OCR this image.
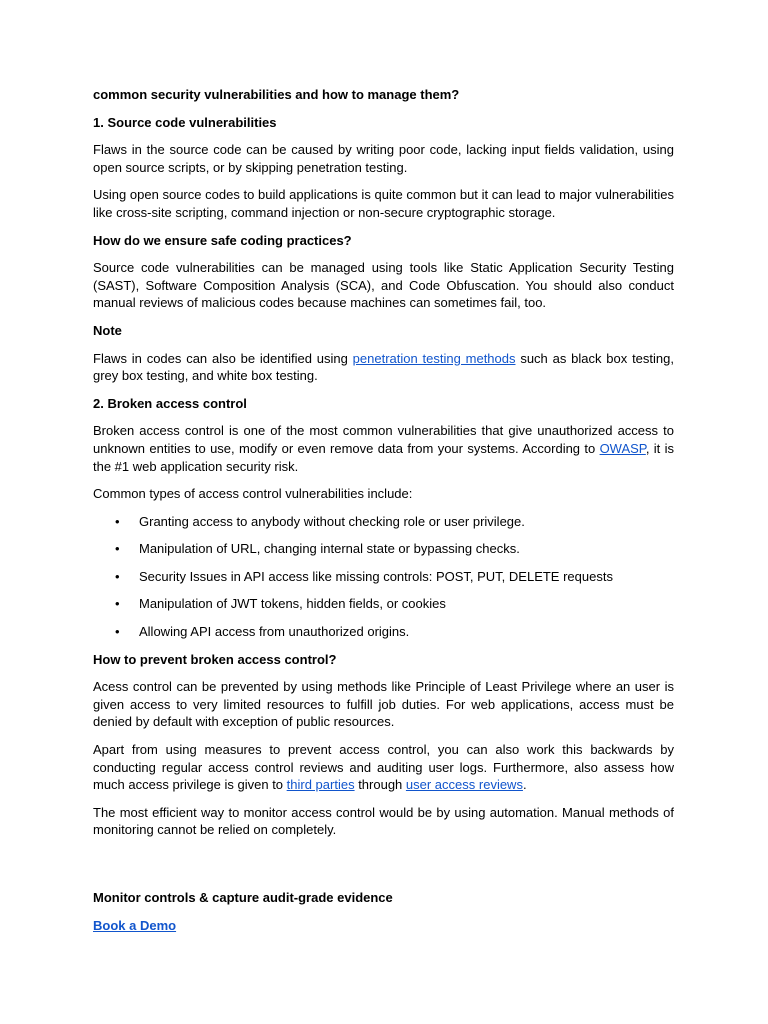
common security vulnerabilities and how to manage them?

1. Source code vulnerabilities

Flaws in the source code can be caused by writing poor code, lacking input fields validation, using open source scripts, or by skipping penetration testing.

Using open source codes to build applications is quite common but it can lead to major vulnerabilities like cross-site scripting, command injection or non-secure cryptographic storage.

How do we ensure safe coding practices?

Source code vulnerabilities can be managed using tools like Static Application Security Testing (SAST), Software Composition Analysis (SCA), and Code Obfuscation. You should also conduct manual reviews of malicious codes because machines can sometimes fail, too.

Note

Flaws in codes can also be identified using penetration testing methods such as black box testing, grey box testing, and white box testing.

2. Broken access control

Broken access control is one of the most common vulnerabilities that give unauthorized access to unknown entities to use, modify or even remove data from your systems. According to OWASP, it is the #1 web application security risk.

Common types of access control vulnerabilities include:

• Granting access to anybody without checking role or user privilege.
• Manipulation of URL, changing internal state or bypassing checks.
• Security Issues in API access like missing controls: POST, PUT, DELETE requests
• Manipulation of JWT tokens, hidden fields, or cookies
• Allowing API access from unauthorized origins.

How to prevent broken access control?

Acess control can be prevented by using methods like Principle of Least Privilege where an user is given access to very limited resources to fulfill job duties. For web applications, access must be denied by default with exception of public resources.

Apart from using measures to prevent access control, you can also work this backwards by conducting regular access control reviews and auditing user logs. Furthermore, also assess how much access privilege is given to third parties through user access reviews.

The most efficient way to monitor access control would be by using automation. Manual methods of monitoring cannot be relied on completely.

Monitor controls & capture audit-grade evidence

Book a Demo
